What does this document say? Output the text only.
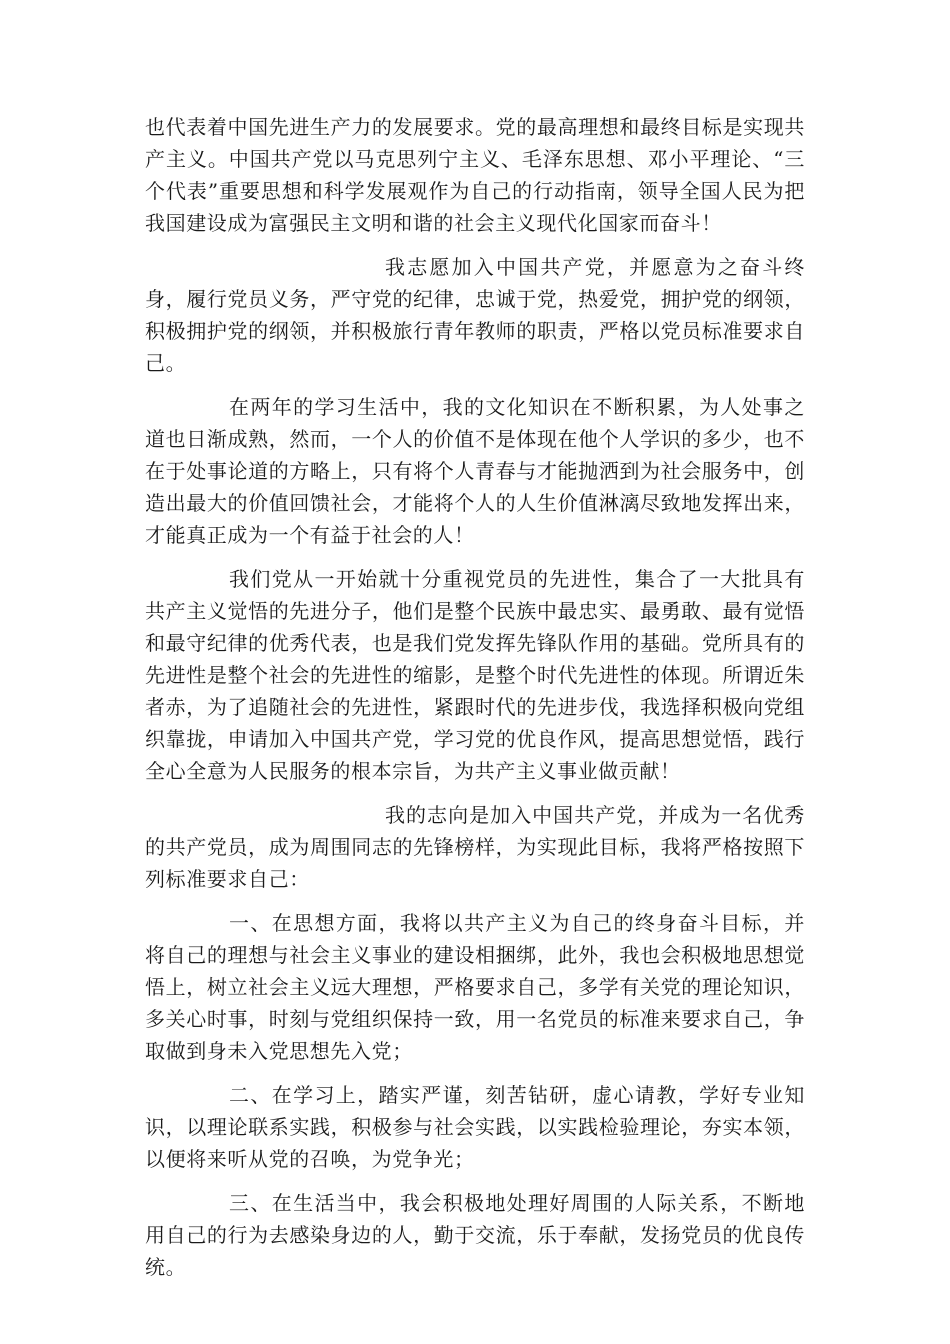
也代表着中国先进生产力的发展要求。党的最高理想和最终目标是实现共产主义。中国共产党以马克思列宁主义、毛泽东思想、邓小平理论、“三个代表”重要思想和科学发展观作为自己的行动指南，领导全国人民为把我国建设成为富强民主文明和谐的社会主义现代化国家而奋斗！

我志愿加入中国共产党，并愿意为之奋斗终身，履行党员义务，严守党的纪律，忠诚于党，热爱党，拥护党的纲领，积极拥护党的纲领，并积极旅行青年教师的职责，严格以党员标准要求自己。

在两年的学习生活中，我的文化知识在不断积累，为人处事之道也日渐成熟，然而，一个人的价值不是体现在他个人学识的多少，也不在于处事论道的方略上，只有将个人青春与才能抛洒到为社会服务中，创造出最大的价值回馈社会，才能将个人的人生价值淋漓尽致地发挥出来，才能真正成为一个有益于社会的人！

我们党从一开始就十分重视党员的先进性，集合了一大批具有共产主义觉悟的先进分子，他们是整个民族中最忠实、最勇敢、最有觉悟和最守纪律的优秀代表，也是我们党发挥先锋队作用的基础。党所具有的先进性是整个社会的先进性的缩影，是整个时代先进性的体现。所谓近朱者赤，为了追随社会的先进性，紧跟时代的先进步伐，我选择积极向党组织靠拢，申请加入中国共产党，学习党的优良作风，提高思想觉悟，践行全心全意为人民服务的根本宗旨，为共产主义事业做贡献！

我的志向是加入中国共产党，并成为一名优秀的共产党员，成为周围同志的先锋榜样，为实现此目标，我将严格按照下列标准要求自己：

一、在思想方面，我将以共产主义为自己的终身奋斗目标，并将自己的理想与社会主义事业的建设相捆绑，此外，我也会积极地思想觉悟上，树立社会主义远大理想，严格要求自己，多学有关党的理论知识，多关心时事，时刻与党组织保持一致，用一名党员的标准来要求自己，争取做到身未入党思想先入党；

二、在学习上，踏实严谨，刻苦钻研，虚心请教，学好专业知识，以理论联系实践，积极参与社会实践，以实践检验理论，夯实本领，以便将来听从党的召唤，为党争光；

三、在生活当中，我会积极地处理好周围的人际关系，不断地用自己的行为去感染身边的人，勤于交流，乐于奉献，发扬党员的优良传统。
